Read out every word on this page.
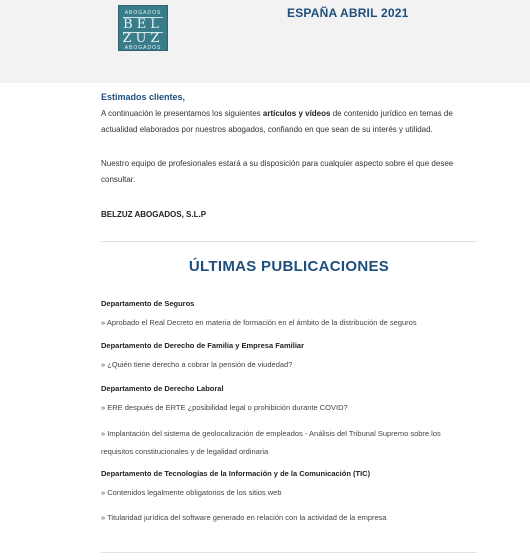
ABOGADOS
BEL
ZUZ
ABOGADOS
ESPAÑA ABRIL 2021
Estimados clientes,
A continuación le presentamos los siguientes artículos y vídeos de contenido jurídico en temas de actualidad elaborados por nuestros abogados, confiando en que sean de su interés y utilidad.
Nuestro equipo de profesionales estará a su disposición para cualquier aspecto sobre el que desee consultar.
BELZUZ ABOGADOS, S.L.P
ÚLTIMAS PUBLICACIONES
Departamento de Seguros
» Aprobado el Real Decreto en materia de formación en el ámbito de la distribución de seguros
Departamento de Derecho de Familia y Empresa Familiar
» ¿Quién tiene derecho a cobrar la pensión de viudedad?
Departamento de Derecho Laboral
» ERE después de ERTE ¿posibilidad legal o prohibición durante COVID?
» Implantación del sistema de geolocalización de empleados - Análisis del Tribunal Supremo sobre los requisitos constitucionales y de legalidad ordinaria
Departamento de Tecnologías de la Información y de la Comunicación (TIC)
» Contenidos legalmente obligatorios de los sitios web
» Titularidad jurídica del software generado en relación con la actividad de la empresa
